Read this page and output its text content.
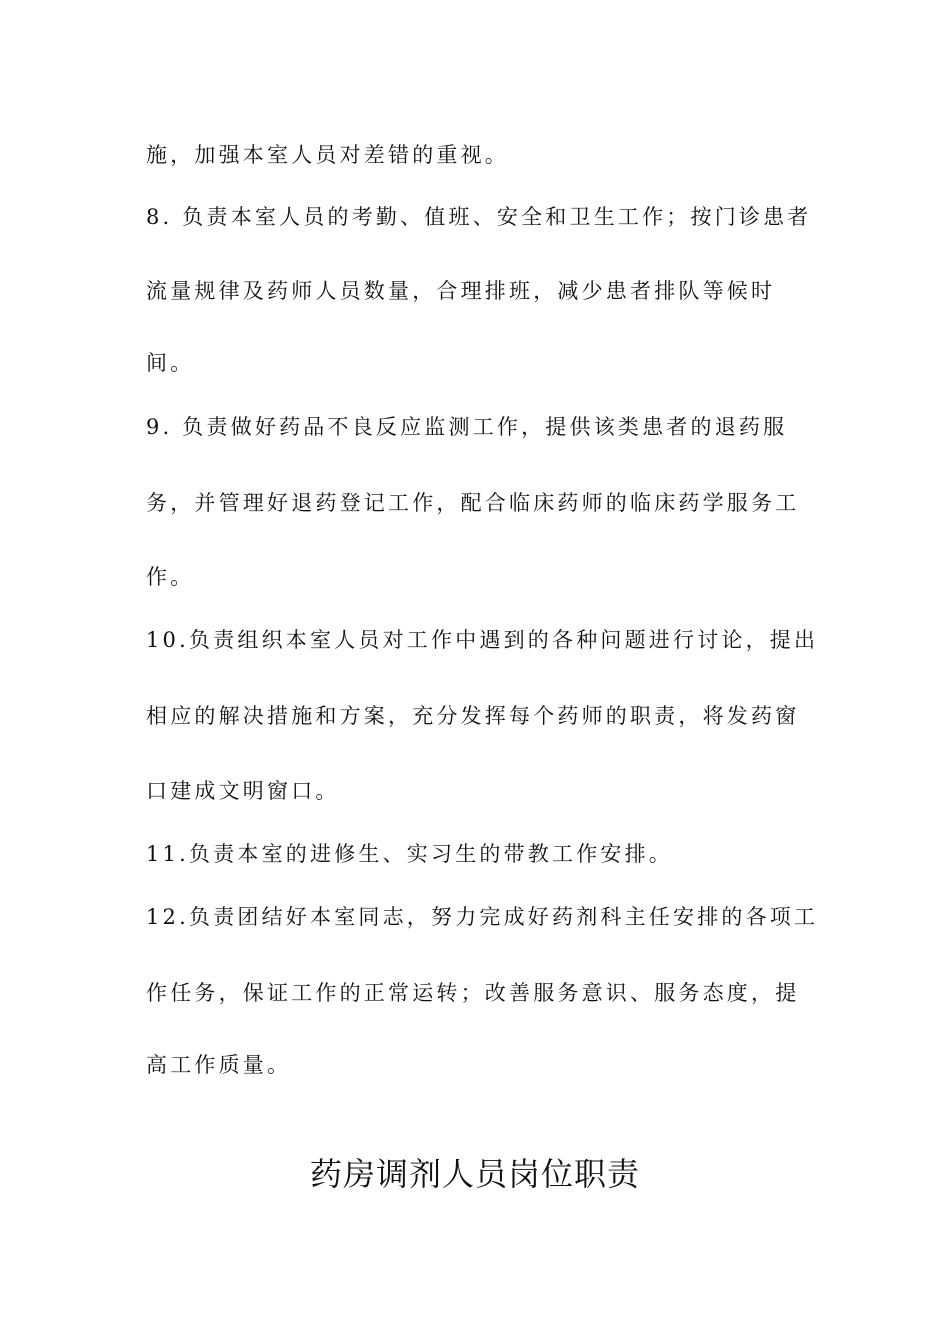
施，加强本室人员对差错的重视。
8. 负责本室人员的考勤、值班、安全和卫生工作；按门诊患者
流量规律及药师人员数量，合理排班，减少患者排队等候时
间。
9. 负责做好药品不良反应监测工作，提供该类患者的退药服
务，并管理好退药登记工作，配合临床药师的临床药学服务工
作。
10.负责组织本室人员对工作中遇到的各种问题进行讨论，提出
相应的解决措施和方案，充分发挥每个药师的职责，将发药窗
口建成文明窗口。
11.负责本室的进修生、实习生的带教工作安排。
12.负责团结好本室同志，努力完成好药剂科主任安排的各项工
作任务，保证工作的正常运转；改善服务意识、服务态度，提
高工作质量。
药房调剂人员岗位职责
